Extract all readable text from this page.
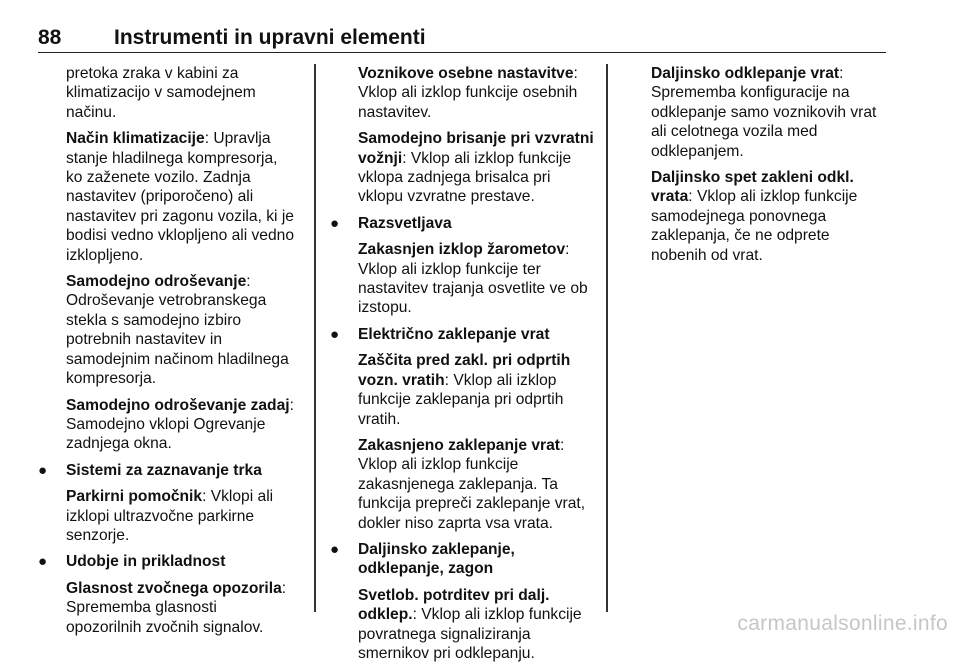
88	Instrumenti in upravni elementi
pretoka zraka v kabini za
klimatizacijo v samodejnem
načinu.
Način klimatizacije: Upravlja
stanje hladilnega kompresorja,
ko zaženete vozilo. Zadnja
nastavitev (priporočeno) ali
nastavitev pri zagonu vozila, ki je
bodisi vedno vklopljeno ali vedno
izklopljeno.
Samodejno odroševanje:
Odroševanje vetrobranskega
stekla s samodejno izbiro
potrebnih nastavitev in
samodejnim načinom hladilnega
kompresorja.
Samodejno odroševanje zadaj:
Samodejno vklopi Ogrevanje
zadnjega okna.
● Sistemi za zaznavanje trka
Parkirni pomočnik: Vklopi ali
izklopi ultrazvočne parkirne
senzorje.
● Udobje in prikladnost
Glasnost zvočnega opozorila:
Sprememba glasnosti
opozorilnih zvočnih signalov.
Voznikove osebne nastavitve:
Vklop ali izklop funkcije osebnih
nastavitev.
Samodejno brisanje pri vzvratni
vožnji: Vklop ali izklop funkcije
vklopa zadnjega brisalca pri
vklopu vzvratne prestave.
● Razsvetljava
Zakasnjen izklop žarometov:
Vklop ali izklop funkcije ter
nastavitev trajanja osvetlite ve ob
izstopu.
● Električno zaklepanje vrat
Zaščita pred zakl. pri odprtih
vozn. vratih: Vklop ali izklop
funkcije zaklepanja pri odprtih
vratih.
Zakasnjeno zaklepanje vrat:
Vklop ali izklop funkcije
zakasnjenega zaklepanja. Ta
funkcija prepreči zaklepanje vrat,
dokler niso zaprta vsa vrata.
● Daljinsko zaklepanje,
odklepanje, zagon
Svetlob. potrditev pri dalj.
odklep.: Vklop ali izklop funkcije
povratnega signaliziranja
smernikov pri odklepanju.
Daljinsko odklepanje vrat:
Sprememba konfiguracije na
odklepanje samo voznikovih vrat
ali celotnega vozila med
odklepanjem.
Daljinsko spet zakleni odkl.
vrata: Vklop ali izklop funkcije
samodejnega ponovnega
zaklepanja, če ne odprete
nobenih od vrat.
carmanualsonline.info
